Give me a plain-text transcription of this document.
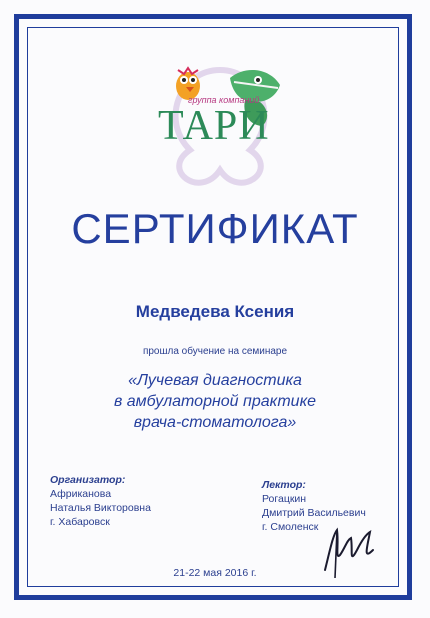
группа компаний
ТАРИ
СЕРТИФИКАТ
Медведева Ксения
прошла обучение на семинаре
«Лучевая диагностика
в амбулаторной практике
врача-стоматолога»
Организатор:
Африканова
Наталья Викторовна
г. Хабаровск
Лектор:
Рогацкин
Дмитрий Васильевич
г. Смоленск
21-22 мая 2016 г.
